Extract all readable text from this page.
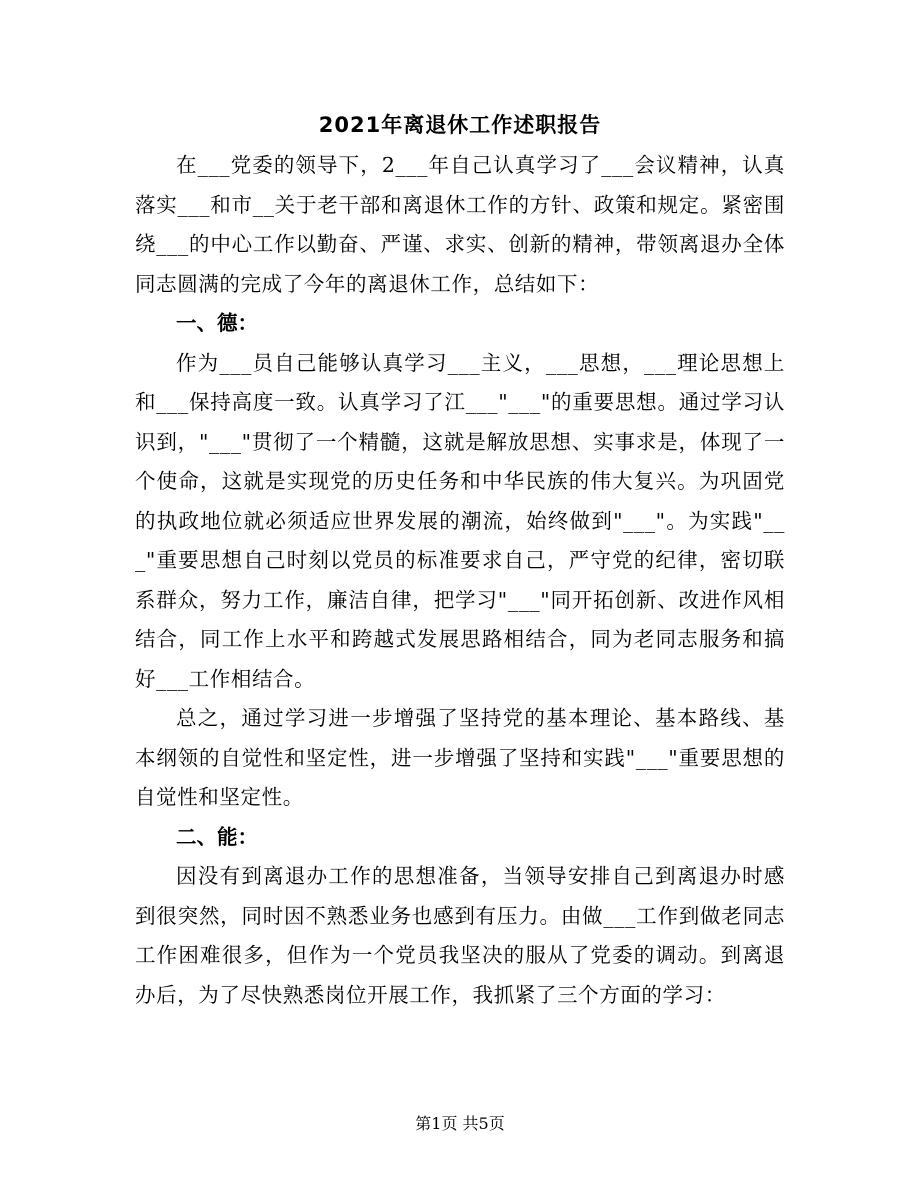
2021年离退休工作述职报告

在___党委的领导下，2___年自己认真学习了___会议精神，认真落实___和市__关于老干部和离退休工作的方针、政策和规定。紧密围绕___的中心工作以勤奋、严谨、求实、创新的精神，带领离退办全体同志圆满的完成了今年的离退休工作，总结如下：

一、德：

作为___员自己能够认真学习___主义，___思想，___理论思想上和___保持高度一致。认真学习了江___"___"的重要思想。通过学习认识到，"___"贯彻了一个精髓，这就是解放思想、实事求是，体现了一个使命，这就是实现党的历史任务和中华民族的伟大复兴。为巩固党的执政地位就必须适应世界发展的潮流，始终做到"___"。为实践"___"重要思想自己时刻以党员的标准要求自己，严守党的纪律，密切联系群众，努力工作，廉洁自律，把学习"___"同开拓创新、改进作风相结合，同工作上水平和跨越式发展思路相结合，同为老同志服务和搞好___工作相结合。

总之，通过学习进一步增强了坚持党的基本理论、基本路线、基本纲领的自觉性和坚定性，进一步增强了坚持和实践"___"重要思想的自觉性和坚定性。

二、能：

因没有到离退办工作的思想准备，当领导安排自己到离退办时感到很突然，同时因不熟悉业务也感到有压力。由做___工作到做老同志工作困难很多，但作为一个党员我坚决的服从了党委的调动。到离退办后，为了尽快熟悉岗位开展工作，我抓紧了三个方面的学习：

第1页 共5页
